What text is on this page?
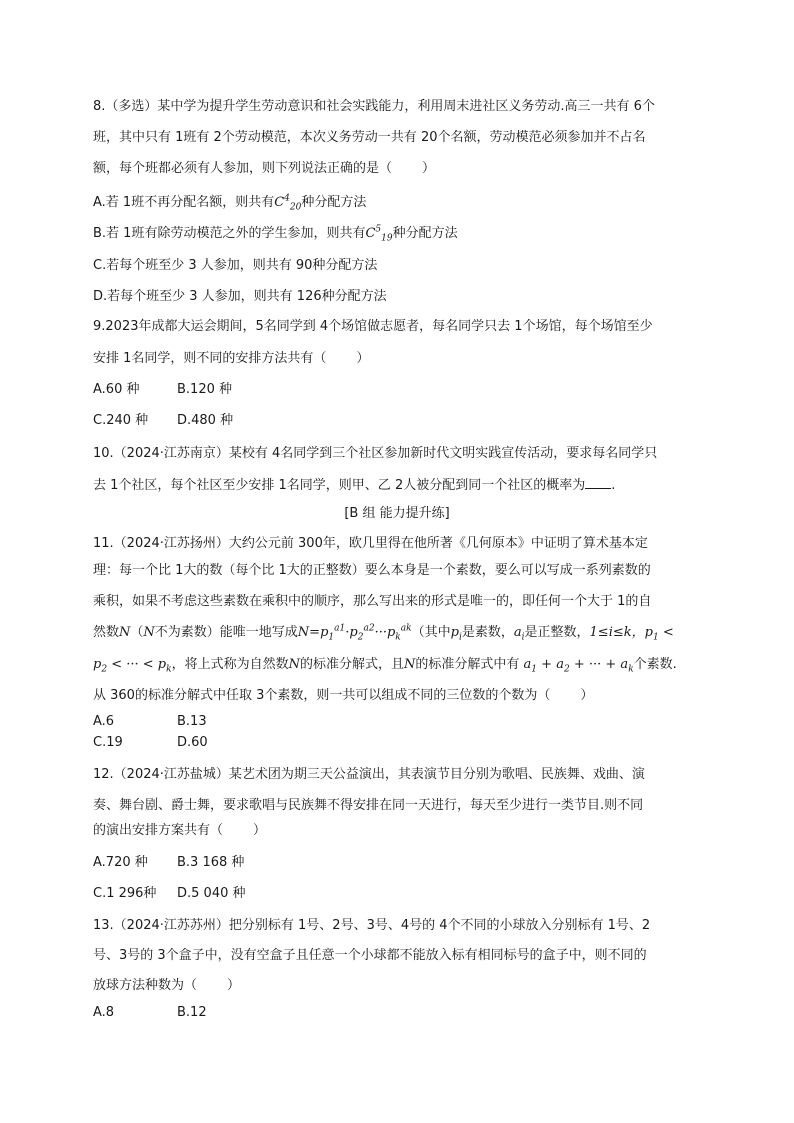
8.（多选）某中学为提升学生劳动意识和社会实践能力，利用周末进社区义务劳动.高三一共有 6个
班，其中只有 1班有 2个劳动模范，本次义务劳动一共有 20个名额，劳动模范必须参加并不占名
额，每个班都必须有人参加，则下列说法正确的是（ ）
A.若 1班不再分配名额，则共有$C^4_{20}$种分配方法
B.若 1班有除劳动模范之外的学生参加，则共有$C^5_{19}$种分配方法
C.若每个班至少 3 人参加，则共有 90种分配方法
D.若每个班至少 3 人参加，则共有 126种分配方法
9.2023年成都大运会期间，5名同学到 4个场馆做志愿者，每名同学只去 1个场馆，每个场馆至少
安排 1名同学，则不同的安排方法共有（ ）
A.60 种	B.120 种
C.240 种 D.480 种
10.（2024·江苏南京）某校有 4名同学到三个社区参加新时代文明实践宣传活动，要求每名同学只
去 1个社区，每个社区至少安排 1名同学，则甲、乙 2人被分配到同一个社区的概率为 .
[B 组 能力提升练]
11.（2024·江苏扬州）大约公元前 300年，欧几里得在他所著《几何原本》中证明了算术基本定
理：每一个比 1大的数（每个比 1大的正整数）要么本身是一个素数，要么可以写成一系列素数的
乘积，如果不考虑这些素数在乘积中的顺序，那么写出来的形式是唯一的，即任何一个大于 1的自
然数N（N不为素数）能唯一地写成$N=p_1^{a1}\cdot p_2^{a2}\cdot\cdot\cdot p_k^{ak}$（其中$p_i$是素数，$a_i$是正整数，1≤i≤k，$p_1$ <
$p_2$ < ··· < $p_k$，将上式称为自然数N的标准分解式，且N的标准分解式中有 $a_1 + a_2$ + ··· + $a_k$个素数.
从 360的标准分解式中任取 3个素数，则一共可以组成不同的三位数的个数为（ ）
A.6	B.13
C.19	D.60
12.（2024·江苏盐城）某艺术团为期三天公益演出，其表演节目分别为歌唱、民族舞、戏曲、演
奏、舞台剧、爵士舞，要求歌唱与民族舞不得安排在同一天进行，每天至少进行一类节目.则不同
的演出安排方案共有（ ）
A.720 种 B.3 168 种
C.1 296种 D.5 040 种
13.（2024·江苏苏州）把分别标有 1号、2号、3号、4号的 4个不同的小球放入分别标有 1号、2
号、3号的 3个盒子中，没有空盒子且任意一个小球都不能放入标有相同标号的盒子中，则不同的
放球方法种数为（ ）
A.8	B.12
